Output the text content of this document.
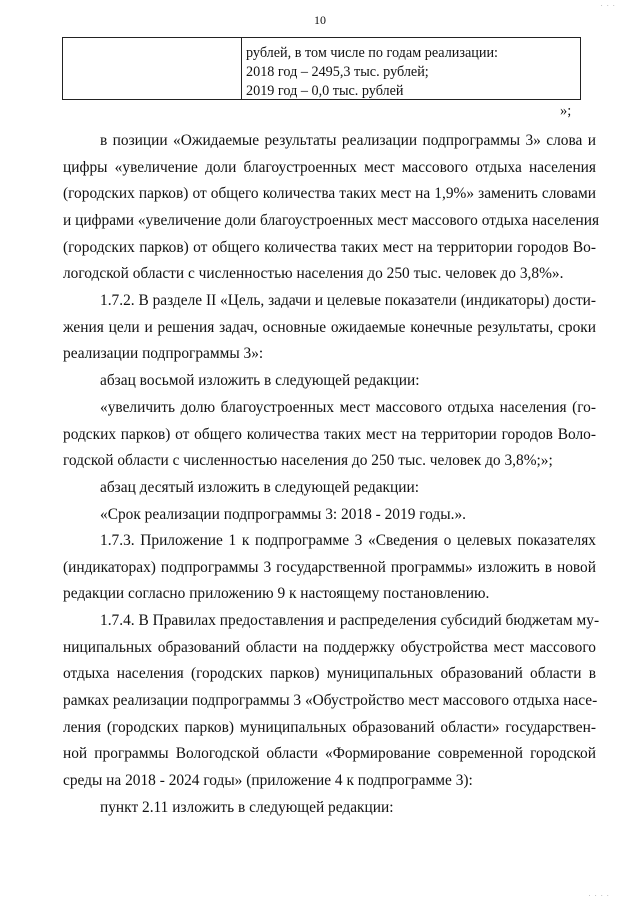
· · ·
10
рублей, в том числе по годам реализации:
2018 год – 2495,3 тыс. рублей;
2019 год – 0,0 тыс. рублей
»;
в позиции «Ожидаемые результаты реализации подпрограммы 3» слова и
цифры «увеличение доли благоустроенных мест массового отдыха населения
(городских парков) от общего количества таких мест на 1,9%» заменить словами
и цифрами «увеличение доли благоустроенных мест массового отдыха населения
(городских парков) от общего количества таких мест на территории городов Во-
логодской области с численностью населения до 250 тыс. человек до 3,8%».
1.7.2. В разделе II «Цель, задачи и целевые показатели (индикаторы) дости-
жения цели и решения задач, основные ожидаемые конечные результаты, сроки
реализации подпрограммы 3»:
абзац восьмой изложить в следующей редакции:
«увеличить долю благоустроенных мест массового отдыха населения (го-
родских парков) от общего количества таких мест на территории городов Воло-
годской области с численностью населения до 250 тыс. человек до 3,8%;»;
абзац десятый изложить в следующей редакции:
«Срок реализации подпрограммы 3: 2018 - 2019 годы.».
1.7.3. Приложение 1 к подпрограмме 3 «Сведения о целевых показателях
(индикаторах) подпрограммы 3 государственной программы» изложить в новой
редакции согласно приложению 9 к настоящему постановлению.
1.7.4. В Правилах предоставления и распределения субсидий бюджетам му-
ниципальных образований области на поддержку обустройства мест массового
отдыха населения (городских парков) муниципальных образований области в
рамках реализации подпрограммы 3 «Обустройство мест массового отдыха насе-
ления (городских парков) муниципальных образований области» государствен-
ной программы Вологодской области «Формирование современной городской
среды на 2018 - 2024 годы» (приложение 4 к подпрограмме 3):
пункт 2.11 изложить в следующей редакции:
· · · ·
